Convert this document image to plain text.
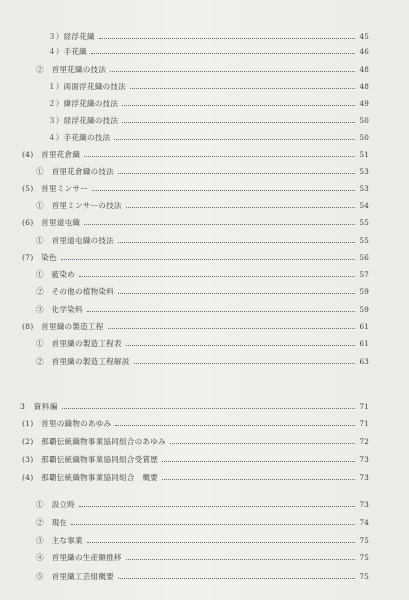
３）経浮花織	45
４）手花織	46
②　首里花織の技法	48
１）両面浮花織の技法	48
２）緯浮花織の技法	49
３）経浮花織の技法	50
４）手花織の技法	50
(4)　首里花倉織	51
①　首里花倉織の技法	53
(5)　首里ミンサー	53
①　首里ミンサーの技法	54
(6)　首里道屯織	55
①　首里道屯織の技法	55
(7)　染色	56
①　藍染め	57
②　その他の植物染料	59
③　化学染料	59
(8)　首里織の製造工程	61
①　首里織の製造工程表	61
②　首里織の製造工程解説	63
3　資料編	71
(1)　首里の織物のあゆみ	71
(2)　那覇伝統織物事業協同組合のあゆみ	72
(3)　那覇伝統織物事業協同組合受賞歴	73
(4)　那覇伝統織物事業協同組合　概要	73
①　設立時	73
②　現在	74
③　主な事業	75
④　首里織の生産額推移	75
⑤　首里織工芸組概要	75
